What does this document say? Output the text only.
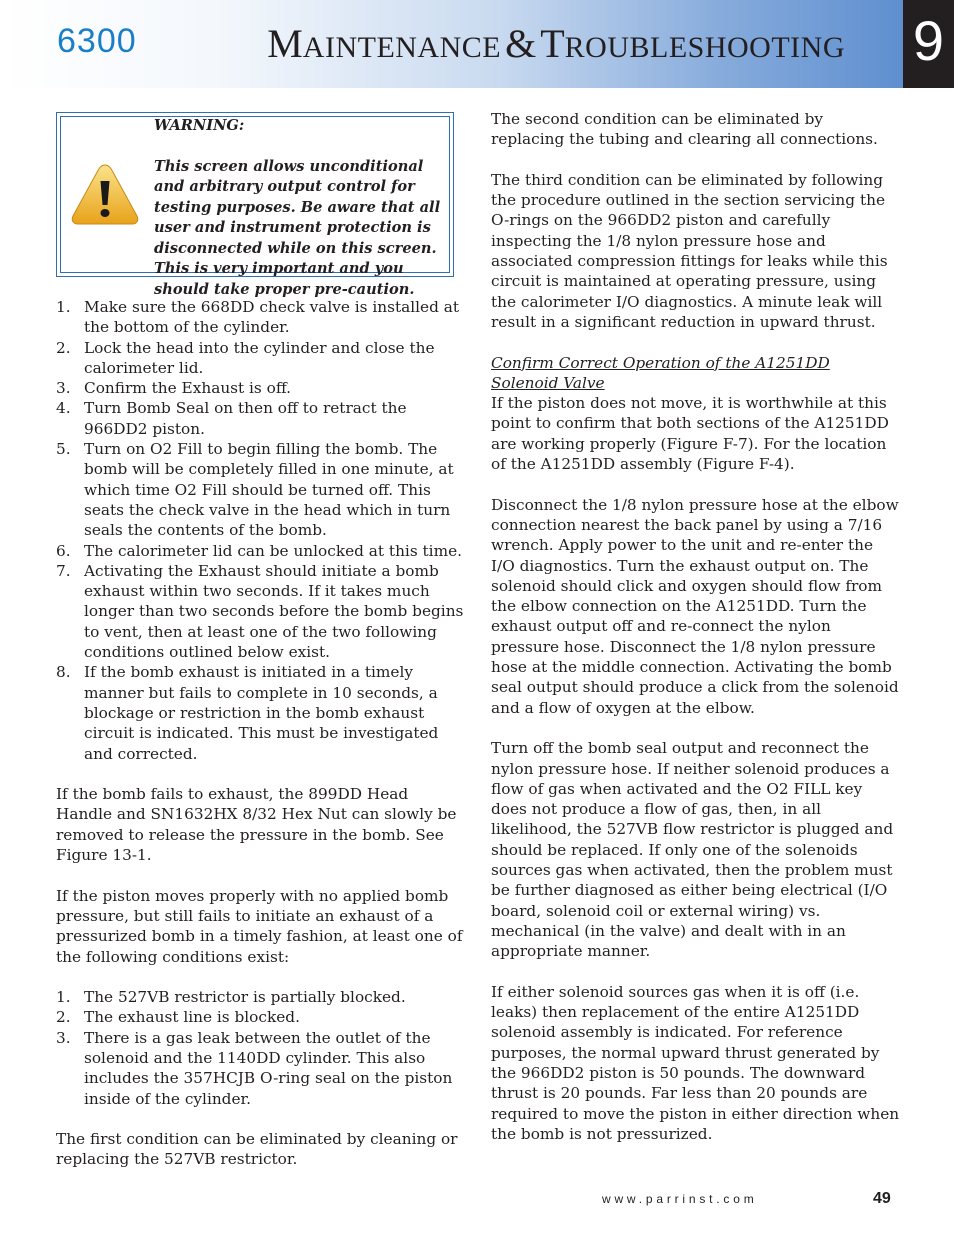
6300	MAINTENANCE & TROUBLESHOOTING 9

WARNING:

This screen allows unconditional and arbitrary output control for testing purposes. Be aware that all user and instrument protection is disconnected while on this screen. This is very important and you should take proper pre-caution.

1. Make sure the 668DD check valve is installed at the bottom of the cylinder.
2. Lock the head into the cylinder and close the calorimeter lid.
3. Confirm the Exhaust is off.
4. Turn Bomb Seal on then off to retract the 966DD2 piston.
5. Turn on O2 Fill to begin filling the bomb. The bomb will be completely filled in one minute, at which time O2 Fill should be turned off. This seats the check valve in the head which in turn seals the contents of the bomb.
6. The calorimeter lid can be unlocked at this time.
7. Activating the Exhaust should initiate a bomb exhaust within two seconds. If it takes much longer than two seconds before the bomb begins to vent, then at least one of the two following conditions outlined below exist.
8. If the bomb exhaust is initiated in a timely manner but fails to complete in 10 seconds, a blockage or restriction in the bomb exhaust circuit is indicated. This must be investigated and corrected.

If the bomb fails to exhaust, the 899DD Head Handle and SN1632HX 8/32 Hex Nut can slowly be removed to release the pressure in the bomb. See Figure 13-1.

If the piston moves properly with no applied bomb pressure, but still fails to initiate an exhaust of a pressurized bomb in a timely fashion, at least one of the following conditions exist:

1. The 527VB restrictor is partially blocked.
2. The exhaust line is blocked.
3. There is a gas leak between the outlet of the solenoid and the 1140DD cylinder. This also includes the 357HCJB O-ring seal on the piston inside of the cylinder.

The first condition can be eliminated by cleaning or replacing the 527VB restrictor.

The second condition can be eliminated by replacing the tubing and clearing all connections.

The third condition can be eliminated by following the procedure outlined in the section servicing the O-rings on the 966DD2 piston and carefully inspecting the 1/8 nylon pressure hose and associated compression fittings for leaks while this circuit is maintained at operating pressure, using the calorimeter I/O diagnostics. A minute leak will result in a significant reduction in upward thrust.

Confirm Correct Operation of the A1251DD Solenoid Valve

If the piston does not move, it is worthwhile at this point to confirm that both sections of the A1251DD are working properly (Figure F-7). For the location of the A1251DD assembly (Figure F-4).

Disconnect the 1/8 nylon pressure hose at the elbow connection nearest the back panel by using a 7/16 wrench. Apply power to the unit and re-enter the I/O diagnostics. Turn the exhaust output on. The solenoid should click and oxygen should flow from the elbow connection on the A1251DD. Turn the exhaust output off and re-connect the nylon pressure hose. Disconnect the 1/8 nylon pressure hose at the middle connection. Activating the bomb seal output should produce a click from the solenoid and a flow of oxygen at the elbow.

Turn off the bomb seal output and reconnect the nylon pressure hose. If neither solenoid produces a flow of gas when activated and the O2 FILL key does not produce a flow of gas, then, in all likelihood, the 527VB flow restrictor is plugged and should be replaced. If only one of the solenoids sources gas when activated, then the problem must be further diagnosed as either being electrical (I/O board, solenoid coil or external wiring) vs. mechanical (in the valve) and dealt with in an appropriate manner.

If either solenoid sources gas when it is off (i.e. leaks) then replacement of the entire A1251DD solenoid assembly is indicated. For reference purposes, the normal upward thrust generated by the 966DD2 piston is 50 pounds. The downward thrust is 20 pounds. Far less than 20 pounds are required to move the piston in either direction when the bomb is not pressurized.

www.parrinst.com	49
